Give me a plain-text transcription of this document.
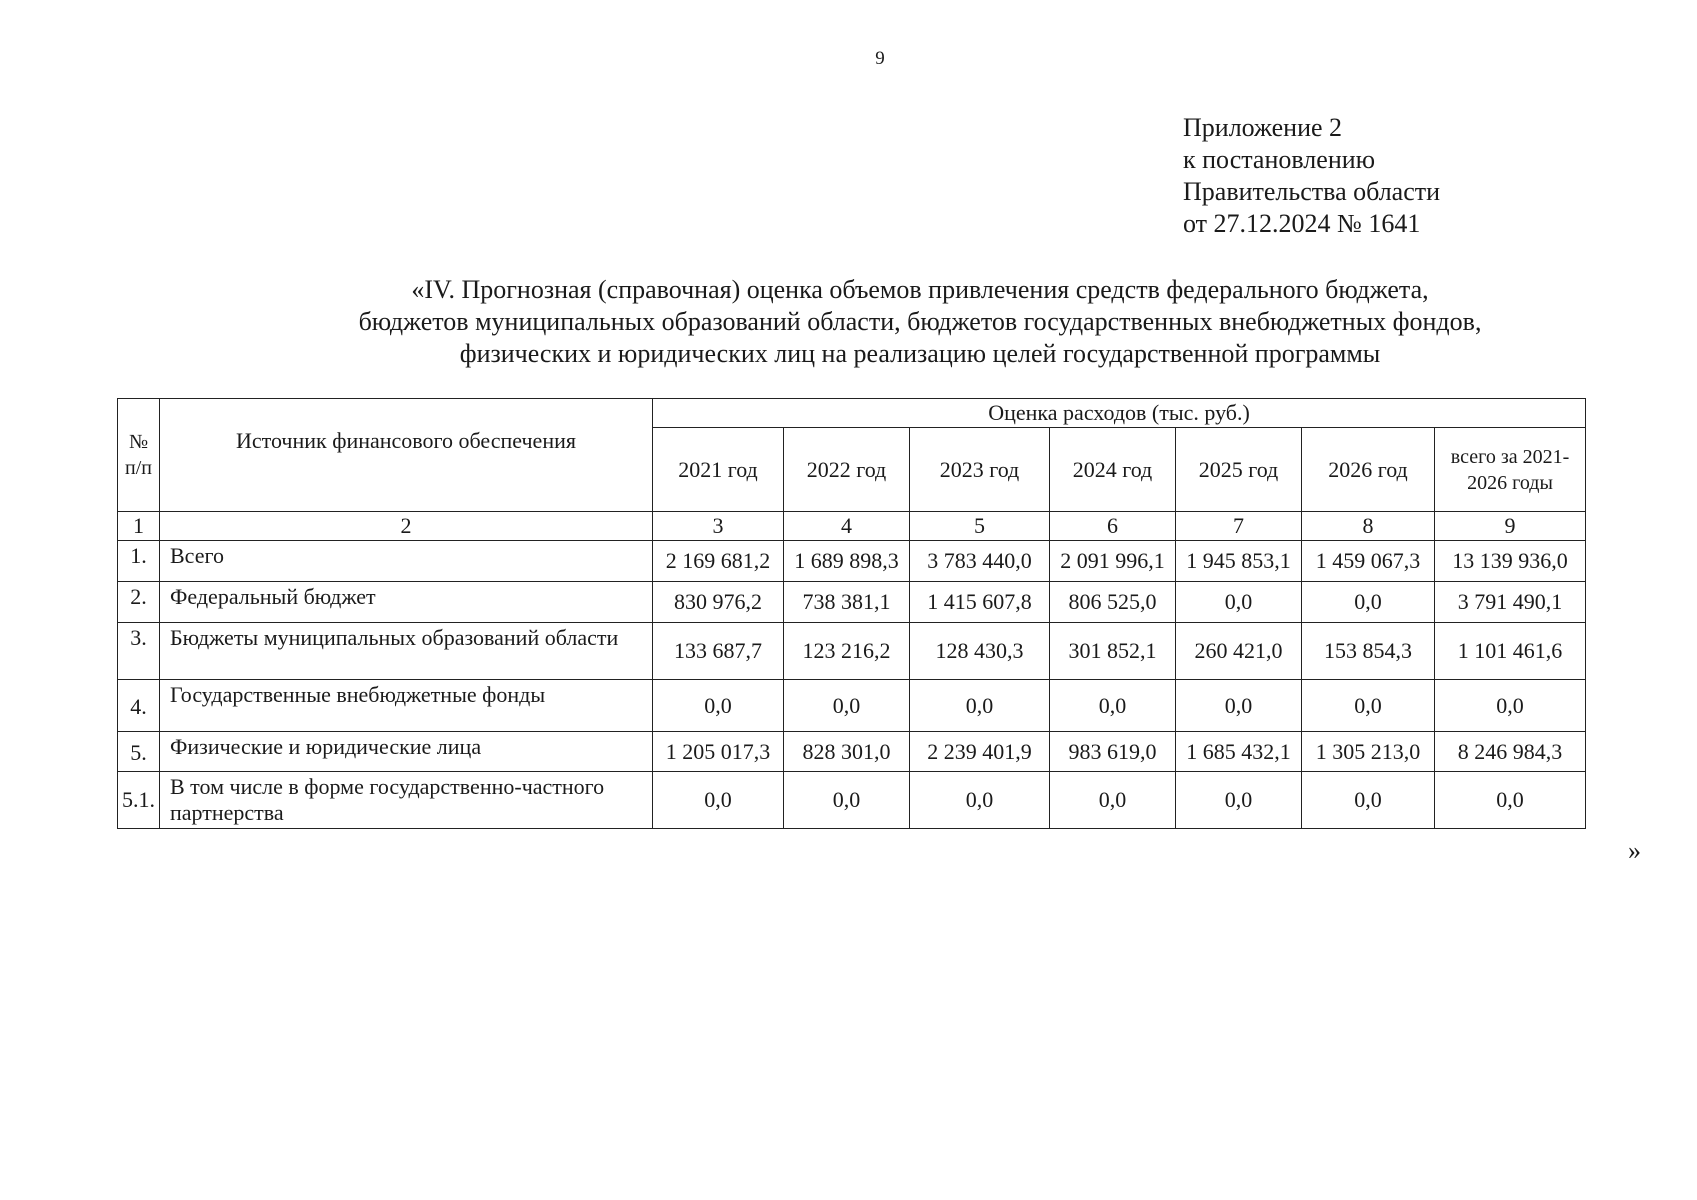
9
Приложение 2
к постановлению
Правительства области
от 27.12.2024 № 1641
«IV. Прогнозная (справочная) оценка объемов привлечения средств федерального бюджета,
бюджетов муниципальных образований области, бюджетов государственных внебюджетных фондов,
физических и юридических лиц на реализацию целей государственной программы
№ п/п	Источник финансового обеспечения	Оценка расходов (тыс. руб.)						
		2021 год	2022 год	2023 год	2024 год	2025 год	2026 год	всего за 2021-2026 годы
1	2	3	4	5	6	7	8	9
1.	Всего	2 169 681,2	1 689 898,3	3 783 440,0	2 091 996,1	1 945 853,1	1 459 067,3	13 139 936,0
2.	Федеральный бюджет	830 976,2	738 381,1	1 415 607,8	806 525,0	0,0	0,0	3 791 490,1
3.	Бюджеты муниципальных образований области	133 687,7	123 216,2	128 430,3	301 852,1	260 421,0	153 854,3	1 101 461,6
4.	Государственные внебюджетные фонды	0,0	0,0	0,0	0,0	0,0	0,0	0,0
5.	Физические и юридические лица	1 205 017,3	828 301,0	2 239 401,9	983 619,0	1 685 432,1	1 305 213,0	8 246 984,3
5.1.	В том числе в форме государственно-частного партнерства	0,0	0,0	0,0	0,0	0,0	0,0	0,0
»
